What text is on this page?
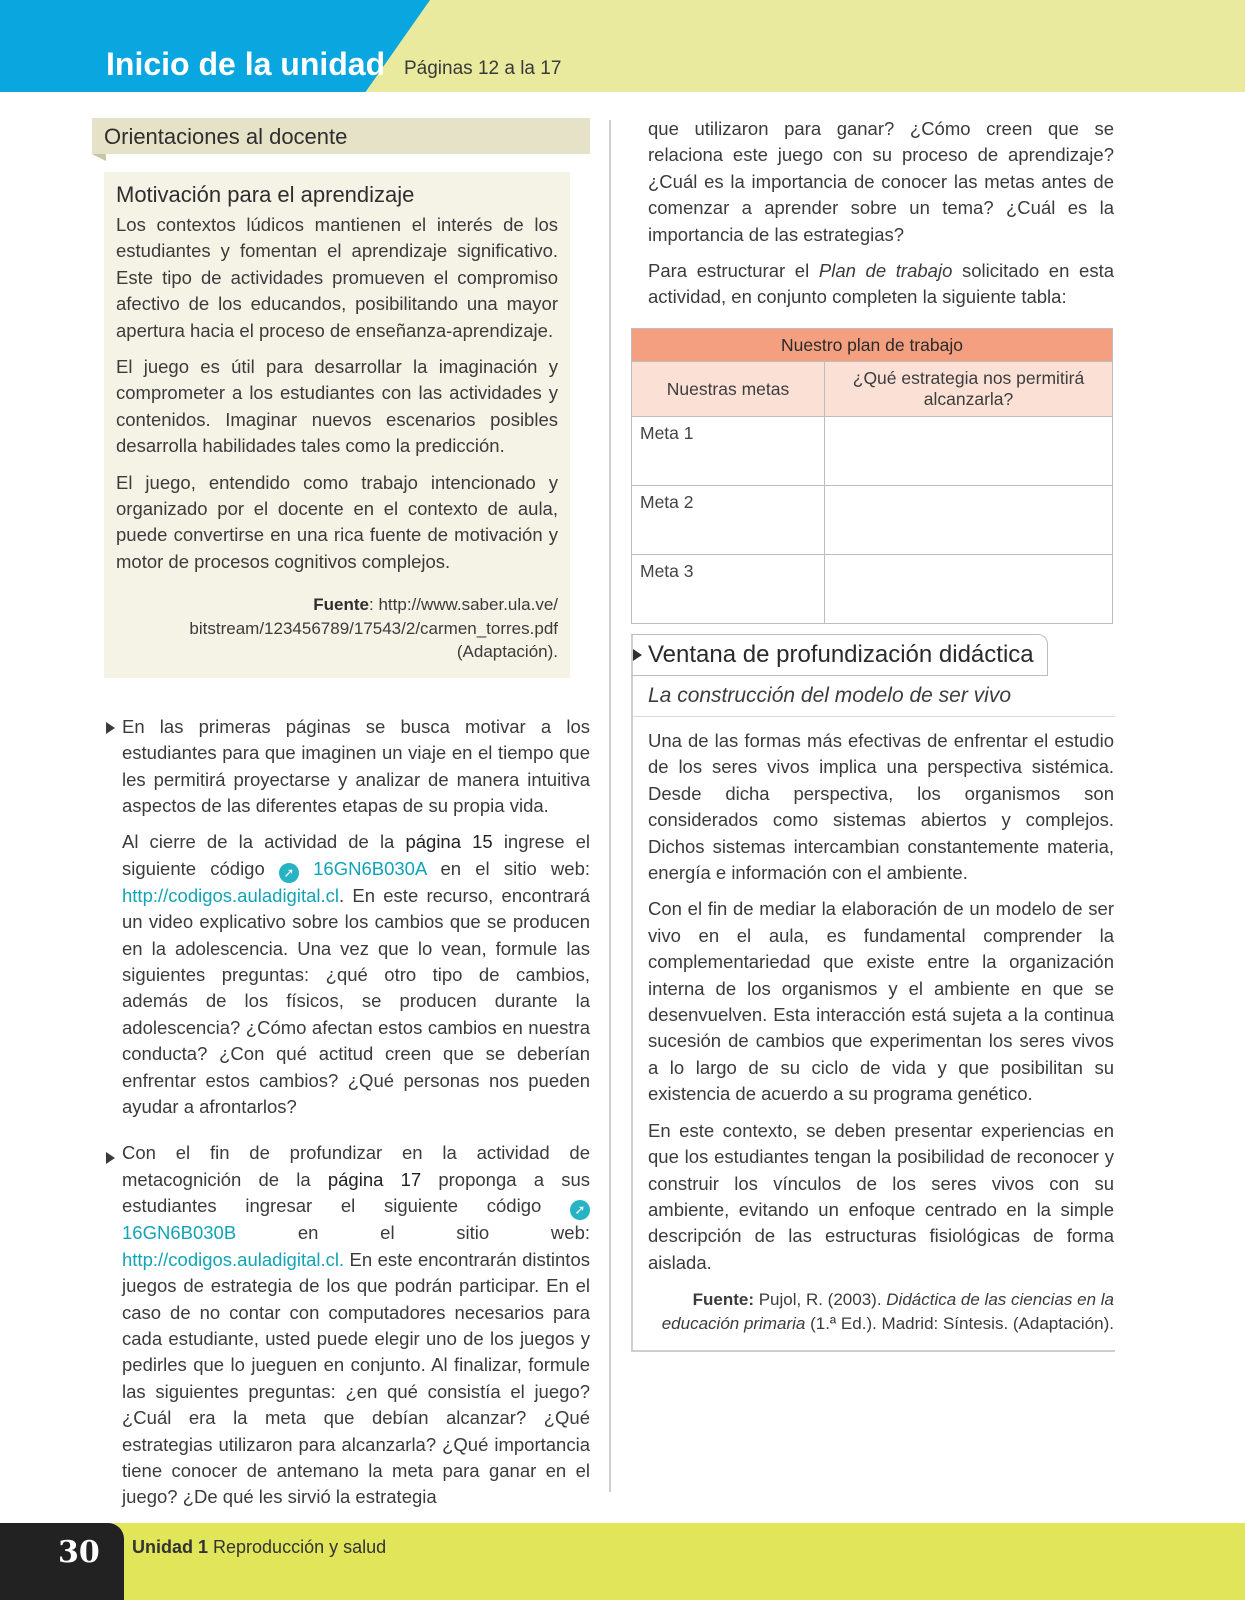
Inicio de la unidad Páginas 12 a la 17
Orientaciones al docente
Motivación para el aprendizaje

Los contextos lúdicos mantienen el interés de los estudiantes y fomentan el aprendizaje significativo. Este tipo de actividades promueven el compromiso afectivo de los educandos, posibilitando una mayor apertura hacia el proceso de enseñanza-aprendizaje.

El juego es útil para desarrollar la imaginación y comprometer a los estudiantes con las actividades y contenidos. Imaginar nuevos escenarios posibles desarrolla habilidades tales como la predicción.

El juego, entendido como trabajo intencionado y organizado por el docente en el contexto de aula, puede convertirse en una rica fuente de motivación y motor de procesos cognitivos complejos.

Fuente: http://www.saber.ula.ve/ bitstream/123456789/17543/2/carmen_torres.pdf (Adaptación).

En las primeras páginas se busca motivar a los estudiantes para que imaginen un viaje en el tiempo que les permitirá proyectarse y analizar de manera intuitiva aspectos de las diferentes etapas de su propia vida.

Al cierre de la actividad de la página 15 ingrese el siguiente código ➚ 16GN6B030A en el sitio web: http://codigos.auladigital.cl. En este recurso, encontrará un video explicativo sobre los cambios que se producen en la adolescencia. Una vez que lo vean, formule las siguientes preguntas: ¿qué otro tipo de cambios, además de los físicos, se producen durante la adolescencia? ¿Cómo afectan estos cambios en nuestra conducta? ¿Con qué actitud creen que se deberían enfrentar estos cambios? ¿Qué personas nos pueden ayudar a afrontarlos?

Con el fin de profundizar en la actividad de metacognición de la página 17 proponga a sus estudiantes ingresar el siguiente código ➚ 16GN6B030B en el sitio web: http://codigos.auladigital.cl. En este encontrarán distintos juegos de estrategia de los que podrán participar. En el caso de no contar con computadores necesarios para cada estudiante, usted puede elegir uno de los juegos y pedirles que lo jueguen en conjunto. Al finalizar, formule las siguientes preguntas: ¿en qué consistía el juego? ¿Cuál era la meta que debían alcanzar? ¿Qué estrategias utilizaron para alcanzarla? ¿Qué importancia tiene conocer de antemano la meta para ganar en el juego? ¿De qué les sirvió la estrategia

que utilizaron para ganar? ¿Cómo creen que se relaciona este juego con su proceso de aprendizaje? ¿Cuál es la importancia de conocer las metas antes de comenzar a aprender sobre un tema? ¿Cuál es la importancia de las estrategias?

Para estructurar el Plan de trabajo solicitado en esta actividad, en conjunto completen la siguiente tabla:

Nuestro plan de trabajo	
Nuestras metas	¿Qué estrategia nos permitirá alcanzarla?
Meta 1	
Meta 2	
Meta 3	
Ventana de profundización didáctica
La construcción del modelo de ser vivo

Una de las formas más efectivas de enfrentar el estudio de los seres vivos implica una perspectiva sistémica. Desde dicha perspectiva, los organismos son considerados como sistemas abiertos y complejos. Dichos sistemas intercambian constantemente materia, energía e información con el ambiente.

Con el fin de mediar la elaboración de un modelo de ser vivo en el aula, es fundamental comprender la complementariedad que existe entre la organización interna de los organismos y el ambiente en que se desenvuelven. Esta interacción está sujeta a la continua sucesión de cambios que experimentan los seres vivos a lo largo de su ciclo de vida y que posibilitan su existencia de acuerdo a su programa genético.

En este contexto, se deben presentar experiencias en que los estudiantes tengan la posibilidad de reconocer y construir los vínculos de los seres vivos con su ambiente, evitando un enfoque centrado en la simple descripción de las estructuras fisiológicas de forma aislada.

Fuente: Pujol, R. (2003). Didáctica de las ciencias en la educación primaria (1.ª Ed.). Madrid: Síntesis. (Adaptación).
30 Unidad 1 Reproducción y salud
